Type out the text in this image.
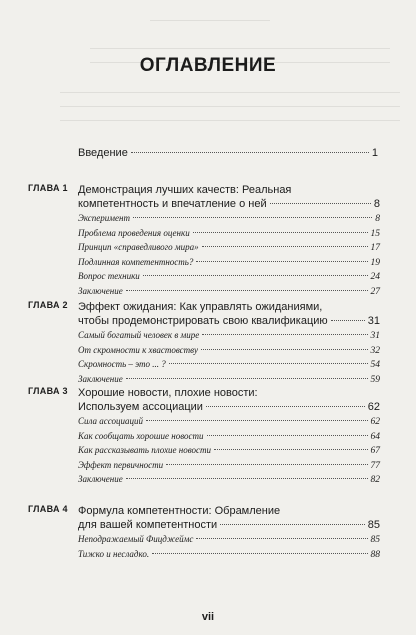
ОГЛАВЛЕНИЕ
Введение	1
ГЛАВА 1 Демонстрация лучших качеств: Реальная
компетентность и впечатление о ней	8
Эксперимент	8
Проблема проведения оценки	15
Принцип «справедливого мира»	17
Подлинная компетентность?	19
Вопрос техники	24
Заключение	27
ГЛАВА 2 Эффект ожидания: Как управлять ожиданиями,
чтобы продемонстрировать свою квалификацию	31
Самый богатый человек в мире	31
От скромности к хвастовству	32
Скромность – это ... ?	54
Заключение	59
ГЛАВА 3 Хорошие новости, плохие новости:
Используем ассоциации	62
Сила ассоциаций	62
Как сообщать хорошие новости	64
Как рассказывать плохие новости	67
Эффект первичности	77
Заключение	82
ГЛАВА 4 Формула компетентности: Обрамление
для вашей компетентности	85
Неподражаемый Фицджеймс	85
Тижко и несладко.	88
vii
